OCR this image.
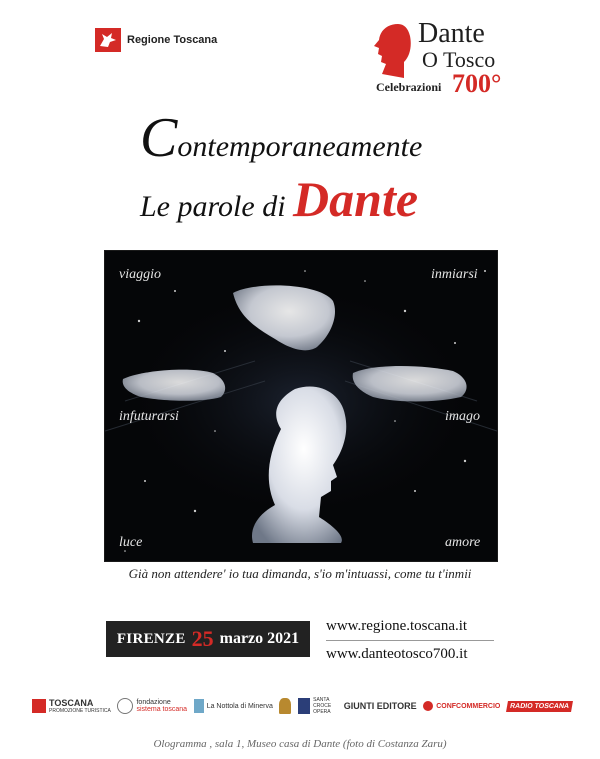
Regione Toscana	Dante
O Tosco
Celebrazioni 700°
Contemporaneamente
Le parole di Dante
viaggio	inmiarsi
infuturarsi	imago
luce	amore
Già non attendere' io tua dimanda, s'io m'intuassi, come tu t'inmii
FIRENZE 25 marzo 2021
www.regione.toscana.it
www.danteotosco700.it
TOSCANA
PROMOZIONE TURISTICA
fondazione
sistema toscana	La Nottola di Minerva
SANTA CROCE OPERA
GIUNTI EDITORE	CONFCOMMERCIO	RADIO TOSCANA
Ologramma , sala 1, Museo casa di Dante (foto di Costanza Zaru)
